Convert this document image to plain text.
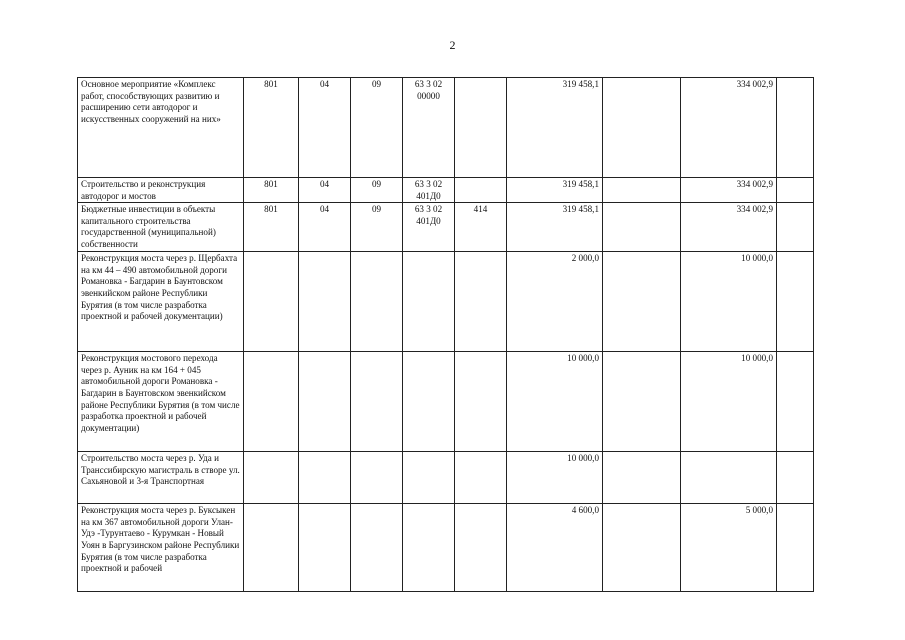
2
Основное мероприятие «Комплекс работ, способствующих развитию и расширению сети автодорог и искусственных сооружений на них»	801	04	09	63 3 02 00000		319 458,1		334 002,9	
Строительство и реконструкция автодорог и мостов	801	04	09	63 3 02 401Д0		319 458,1		334 002,9	
Бюджетные инвестиции в объекты капитального строительства государственной (муниципальной) собственности	801	04	09	63 3 02 401Д0	414	319 458,1		334 002,9	
Реконструкция моста через р. Щербахта на км 44 – 490 автомобильной дороги Романовка - Багдарин в Баунтовском эвенкийском районе Республики Бурятия (в том числе разработка проектной и рабочей документации)						2 000,0		10 000,0	
Реконструкция мостового перехода через р. Ауник на км 164 + 045 автомобильной дороги Романовка - Багдарин в Баунтовском эвенкийском районе Республики Бурятия (в том числе разработка проектной и рабочей документации)						10 000,0		10 000,0	
Строительство моста через р. Уда и Транссибирскую магистраль в створе ул. Сахьяновой и 3-я Транспортная						10 000,0			
Реконструкция моста через р. Буксыкен на км 367 автомобильной дороги Улан-Удэ -Турунтаево - Курумкан - Новый Уоян в Баргузинском районе Республики Бурятия (в том числе разработка проектной и рабочей						4 600,0		5 000,0	
